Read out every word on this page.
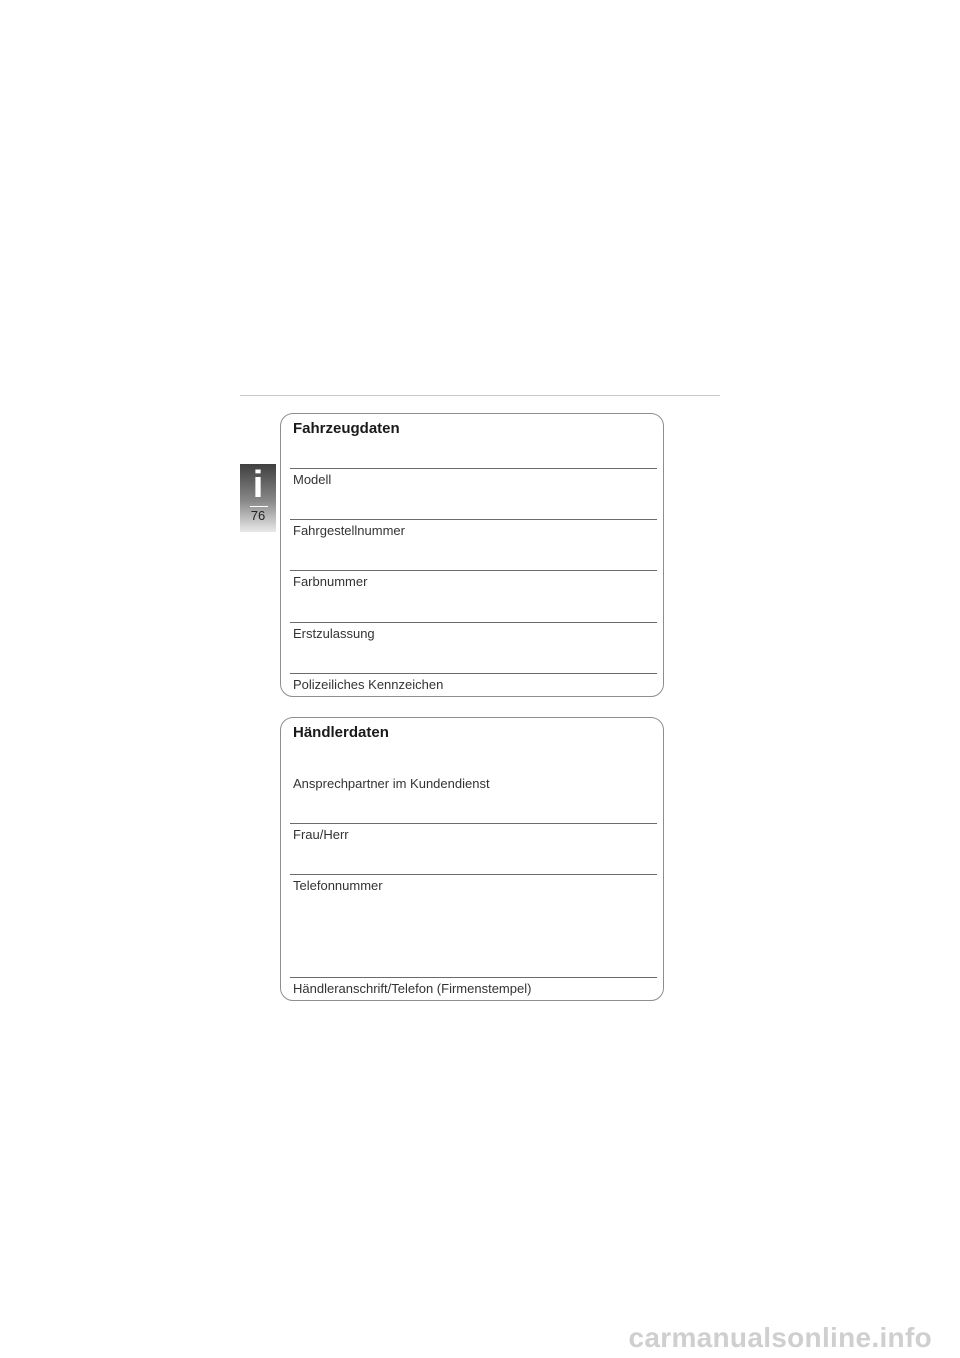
i
76
Fahrzeugdaten
Modell
Fahrgestellnummer
Farbnummer
Erstzulassung
Polizeiliches Kennzeichen
Händlerdaten
Ansprechpartner im Kundendienst
Frau/Herr
Telefonnummer
Händleranschrift/Telefon (Firmenstempel)
carmanualsonline.info
